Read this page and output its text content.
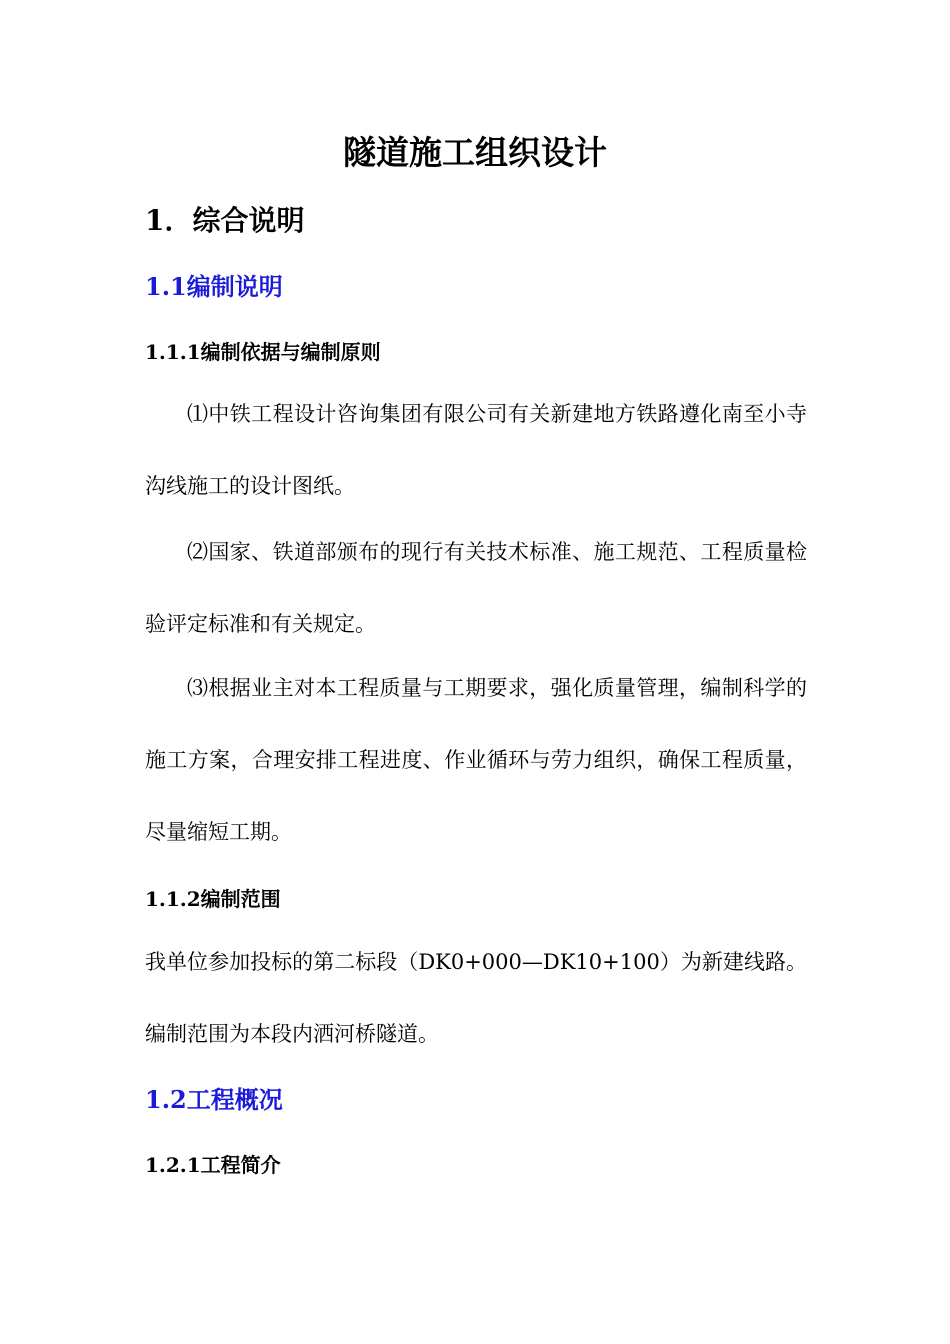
隧道施工组织设计
1．综合说明
1.1编制说明
1.1.1编制依据与编制原则

⑴中铁工程设计咨询集团有限公司有关新建地方铁路遵化南至小寺沟线施工的设计图纸。

⑵国家、铁道部颁布的现行有关技术标准、施工规范、工程质量检验评定标准和有关规定。

⑶根据业主对本工程质量与工期要求，强化质量管理，编制科学的施工方案，合理安排工程进度、作业循环与劳力组织，确保工程质量，尽量缩短工期。

1.1.2编制范围

我单位参加投标的第二标段（DK0+000—DK10+100）为新建线路。编制范围为本段内洒河桥隧道。

1.2工程概况
1.2.1工程简介
